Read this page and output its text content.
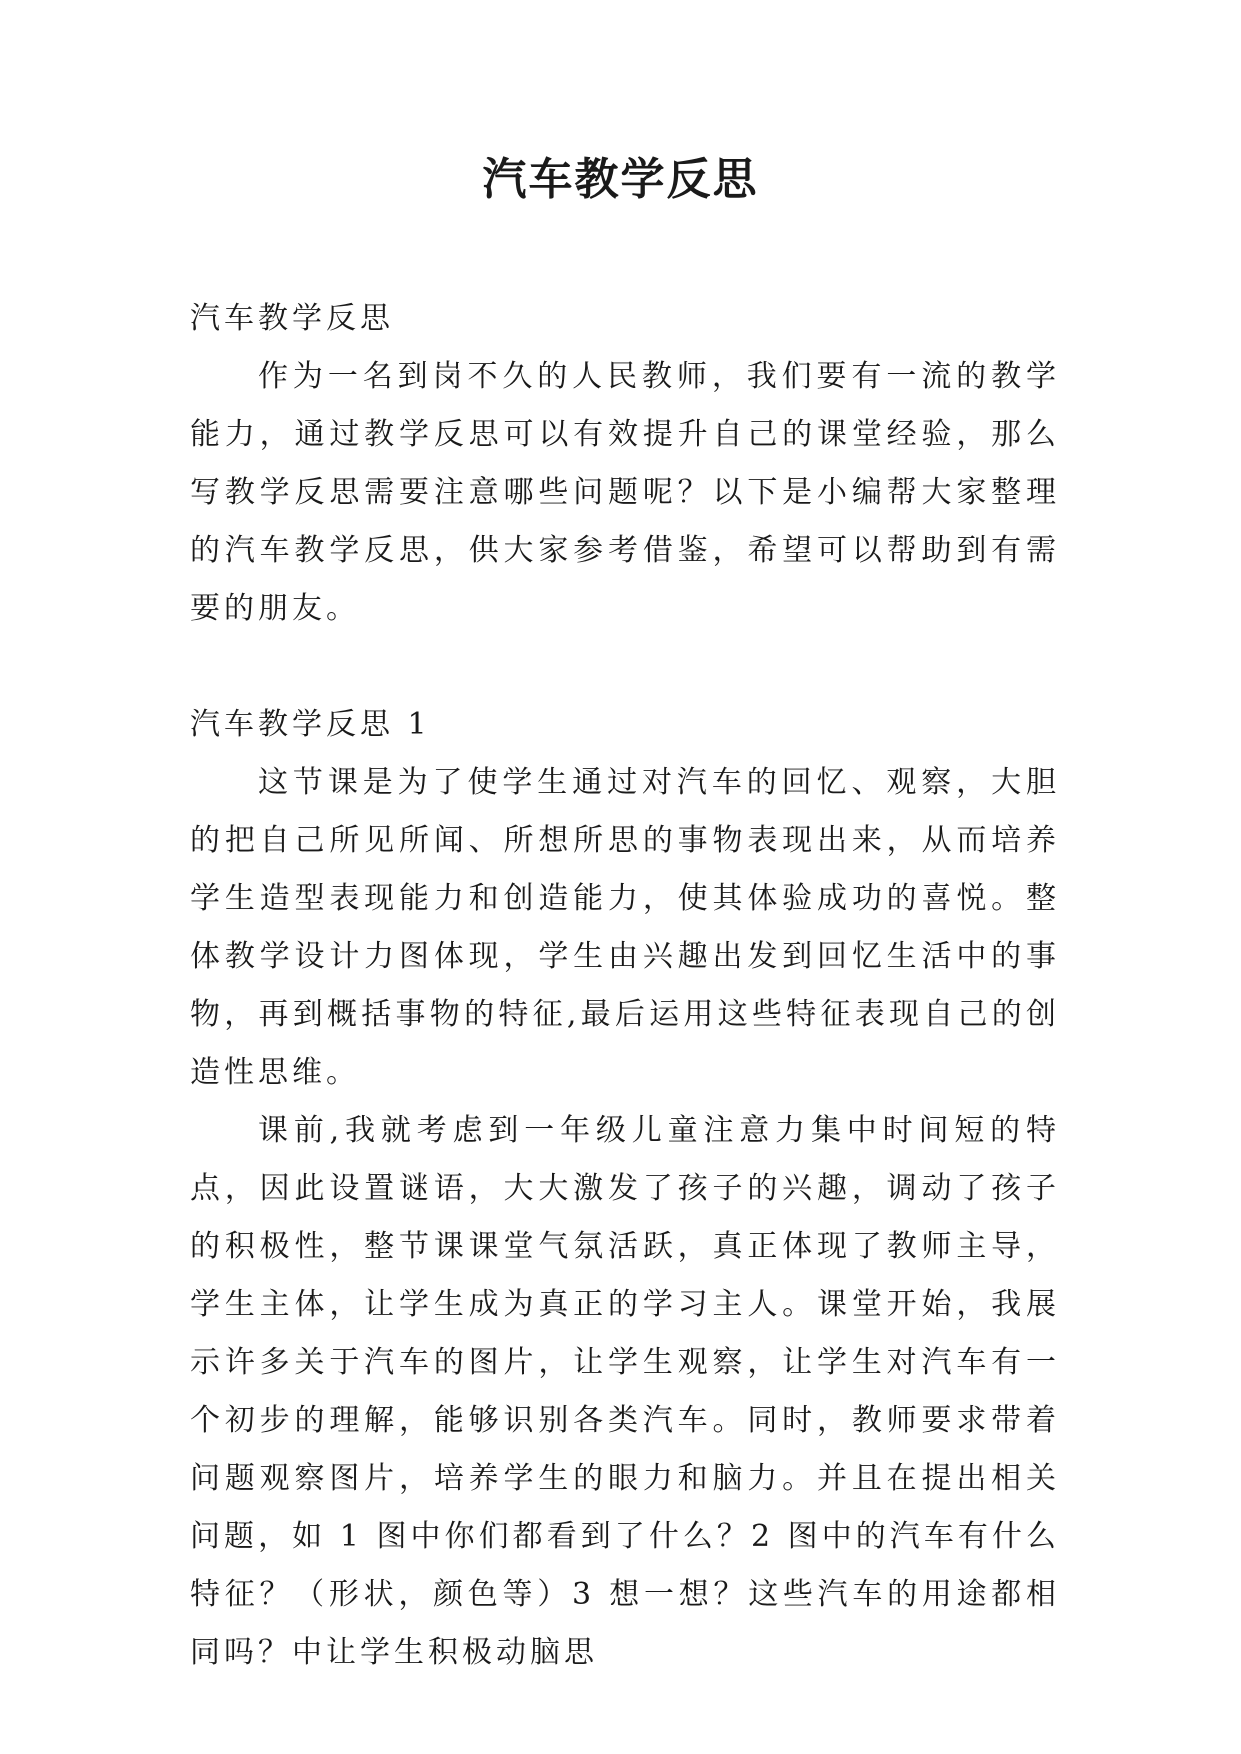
汽车教学反思

汽车教学反思

作为一名到岗不久的人民教师，我们要有一流的教学能力，通过教学反思可以有效提升自己的课堂经验，那么写教学反思需要注意哪些问题呢？以下是小编帮大家整理的汽车教学反思，供大家参考借鉴，希望可以帮助到有需要的朋友。

汽车教学反思 1

这节课是为了使学生通过对汽车的回忆、观察，大胆的把自己所见所闻、所想所思的事物表现出来，从而培养学生造型表现能力和创造能力，使其体验成功的喜悦。整体教学设计力图体现，学生由兴趣出发到回忆生活中的事物，再到概括事物的特征,最后运用这些特征表现自己的创造性思维。

课前,我就考虑到一年级儿童注意力集中时间短的特点，因此设置谜语，大大激发了孩子的兴趣，调动了孩子的积极性，整节课课堂气氛活跃，真正体现了教师主导，学生主体，让学生成为真正的学习主人。课堂开始，我展示许多关于汽车的图片，让学生观察，让学生对汽车有一个初步的理解，能够识别各类汽车。同时，教师要求带着问题观察图片，培养学生的眼力和脑力。并且在提出相关问题，如 1 图中你们都看到了什么？2 图中的汽车有什么特征？（形状，颜色等）3 想一想？这些汽车的用途都相同吗？中让学生积极动脑思
